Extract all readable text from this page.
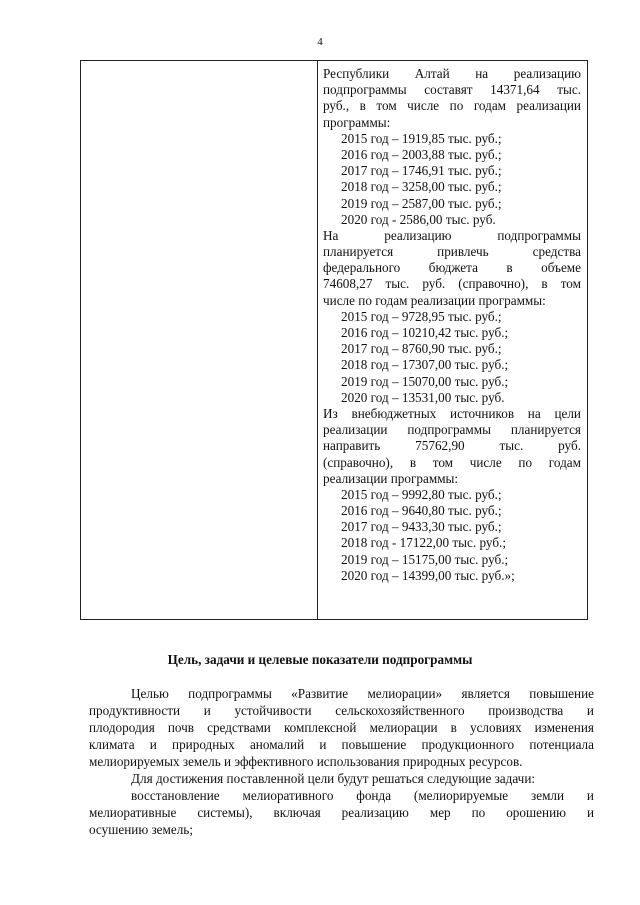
4
Республики Алтай на реализацию
подпрограммы составят 14371,64 тыс.
руб., в том числе по годам реализации
программы:
2015 год – 1919,85 тыс. руб.;
2016 год – 2003,88 тыс. руб.;
2017 год – 1746,91 тыс. руб.;
2018 год – 3258,00 тыс. руб.;
2019 год – 2587,00 тыс. руб.;
2020 год - 2586,00 тыс. руб.
На реализацию подпрограммы
планируется привлечь средства
федерального бюджета в объеме
74608,27 тыс. руб. (справочно), в том
числе по годам реализации программы:
2015 год – 9728,95 тыс. руб.;
2016 год – 10210,42 тыс. руб.;
2017 год – 8760,90 тыс. руб.;
2018 год – 17307,00 тыс. руб.;
2019 год – 15070,00 тыс. руб.;
2020 год – 13531,00 тыс. руб.
Из внебюджетных источников на цели
реализации подпрограммы планируется
направить 75762,90 тыс. руб.
(справочно), в том числе по годам
реализации программы:
2015 год – 9992,80 тыс. руб.;
2016 год – 9640,80 тыс. руб.;
2017 год – 9433,30 тыс. руб.;
2018 год - 17122,00 тыс. руб.;
2019 год – 15175,00 тыс. руб.;
2020 год – 14399,00 тыс. руб.»;
Цель, задачи и целевые показатели подпрограммы
Целью подпрограммы «Развитие мелиорации» является повышение
продуктивности и устойчивости сельскохозяйственного производства и
плодородия почв средствами комплексной мелиорации в условиях изменения
климата и природных аномалий и повышение продукционного потенциала
мелиорируемых земель и эффективного использования природных ресурсов.
Для достижения поставленной цели будут решаться следующие задачи:
восстановление мелиоративного фонда (мелиорируемые земли и
мелиоративные системы), включая реализацию мер по орошению и
осушению земель;
